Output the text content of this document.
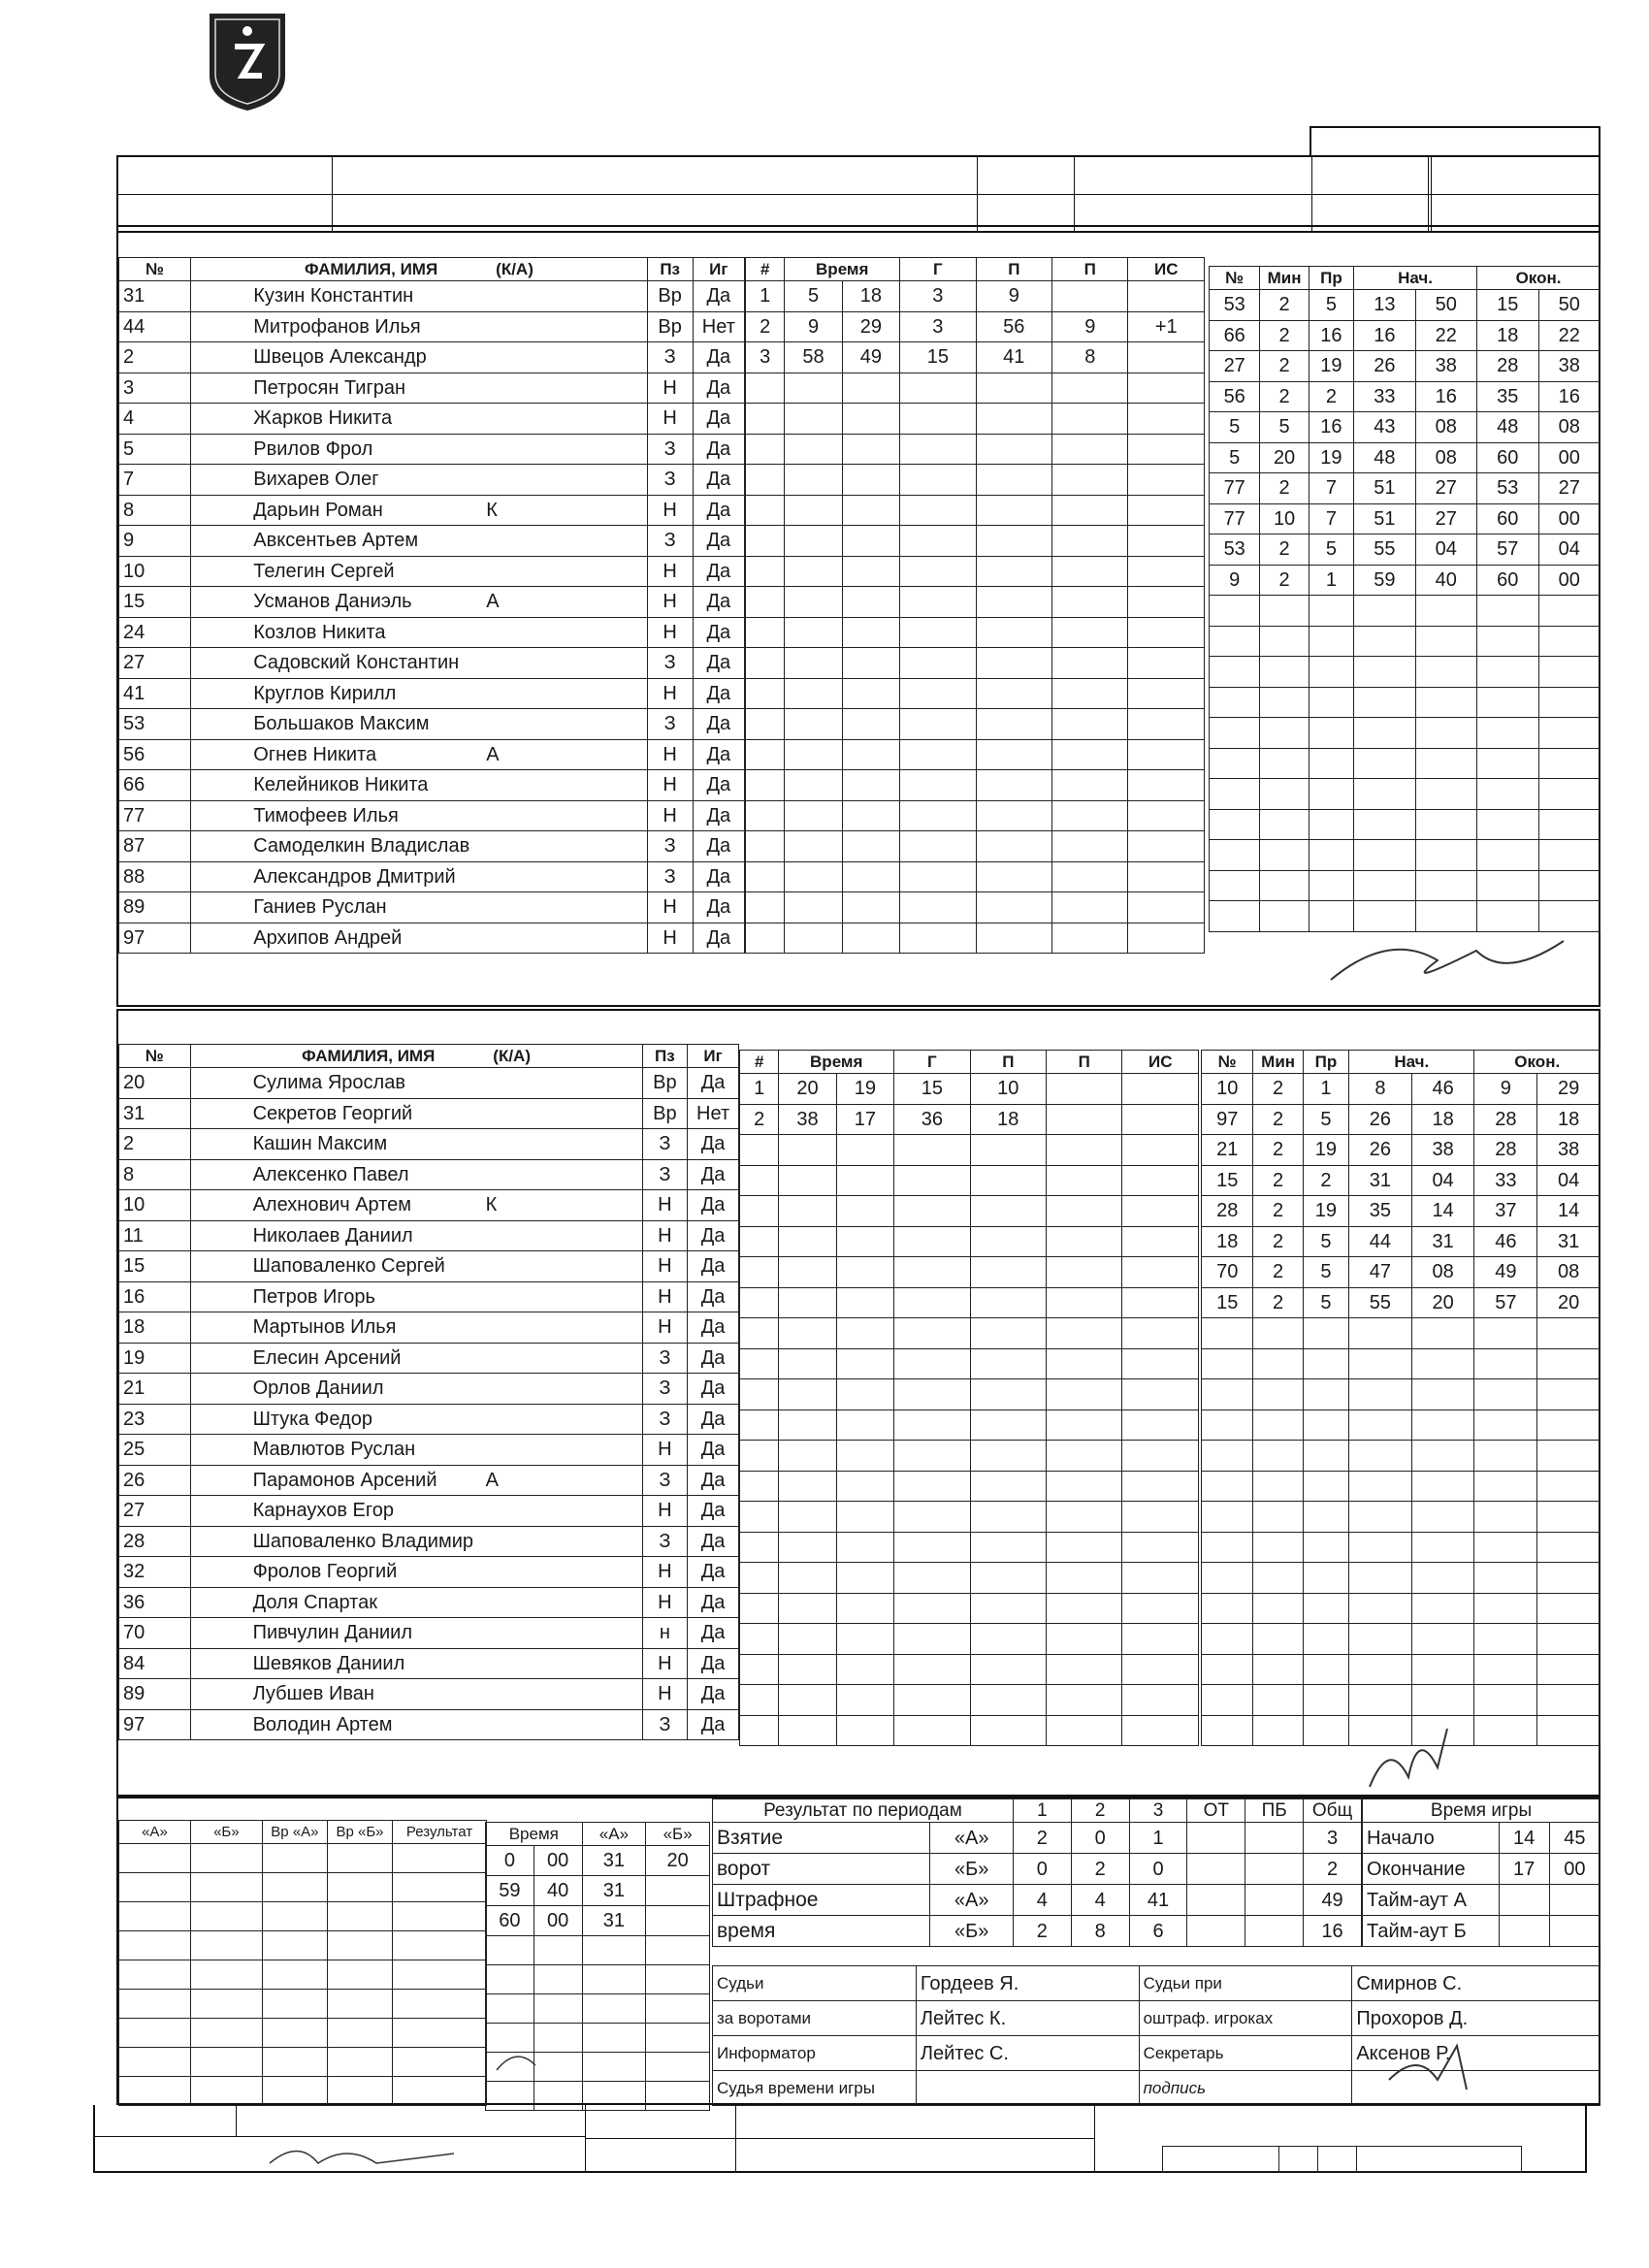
№	ФАМИЛИЯ, ИМЯ (К/А)	Пз	Иг
31	Кузин Константин	Вр	Да
44	Митрофанов Илья	Вр	Нет
2	Швецов Александр	З	Да
3	Петросян Тигран	Н	Да
4	Жарков Никита	Н	Да
5	Рвилов Фрол	З	Да
7	Вихарев Олег	З	Да
8	Дарьин Роман К	Н	Да
9	Авксентьев Артем	З	Да
10	Телегин Сергей	Н	Да
15	Усманов Даниэль А	Н	Да
24	Козлов Никита	Н	Да
27	Садовский Константин	З	Да
41	Круглов Кирилл	Н	Да
53	Большаков Максим	З	Да
56	Огнев Никита А	Н	Да
66	Келейников Никита	Н	Да
77	Тимофеев Илья	Н	Да
87	Самоделкин Владислав	З	Да
88	Александров Дмитрий	З	Да
89	Ганиев Руслан	Н	Да
97	Архипов Андрей	Н	Да
#	Время		Г	П	П	ИС
1	5	18	3	9		
2	9	29	3	56	9	+1
3	58	49	15	41	8	

№	Мин	Пр	Нач.		Окон.	
53	2	5	13	50	15	50
66	2	16	16	22	18	22
27	2	19	26	38	28	38
56	2	2	33	16	35	16
5	5	16	43	08	48	08
5	20	19	48	08	60	00
77	2	7	51	27	53	27
77	10	7	51	27	60	00
53	2	5	55	04	57	04
9	2	1	59	40	60	00

№	ФАМИЛИЯ, ИМЯ (К/А)	Пз	Иг
20	Сулима Ярослав	Вр	Да
31	Секретов Георгий	Вр	Нет
2	Кашин Максим	З	Да
8	Алексенко Павел	З	Да
10	Алехнович Артем К	Н	Да
11	Николаев Даниил	Н	Да
15	Шаповаленко Сергей	Н	Да
16	Петров Игорь	Н	Да
18	Мартынов Илья	Н	Да
19	Елесин Арсений	З	Да
21	Орлов Даниил	З	Да
23	Штука Федор	З	Да
25	Мавлютов Руслан	Н	Да
26	Парамонов Арсений А	З	Да
27	Карнаухов Егор	Н	Да
28	Шаповаленко Владимир	З	Да
32	Фролов Георгий	Н	Да
36	Доля Спартак	Н	Да
70	Пивчулин Даниил	н	Да
84	Шевяков Даниил	Н	Да
89	Лубшев Иван	Н	Да
97	Володин Артем	З	Да
#	Время		Г	П	П	ИС
1	20	19	15	10		
2	38	17	36	18		

№	Мин	Пр	Нач.		Окон.	
10	2	1	8	46	9	29
97	2	5	26	18	28	18
21	2	19	26	38	28	38
15	2	2	31	04	33	04
28	2	19	35	14	37	14
18	2	5	44	31	46	31
70	2	5	47	08	49	08
15	2	5	55	20	57	20

«А»	«Б»	Вр «А»	Вр «Б»	Результат

				Время		«А»	«Б»
0	00	31	20
59	40	31	
60	00	31	

Результат по периодам		1	2	3	ОТ	ПБ	Общ
Взятие	«А»	2	0	1			3
ворот	«Б»	0	2	0			2
Штрафное	«А»	4	4	41			49
время	«Б»	2	8	6			16
Время игры		
Начало	14	45
Окончание	17	00
Тайм-аут А		
Тайм-аут Б		
Судьи	Гордеев Я.	Судьи при	Смирнов С.
за воротами	Лейтес К.	оштраф. игроках	Прохоров Д.
Информатор	Лейтес С.	Секретарь	Аксенов Р.
Судья времени игры		подпись	
